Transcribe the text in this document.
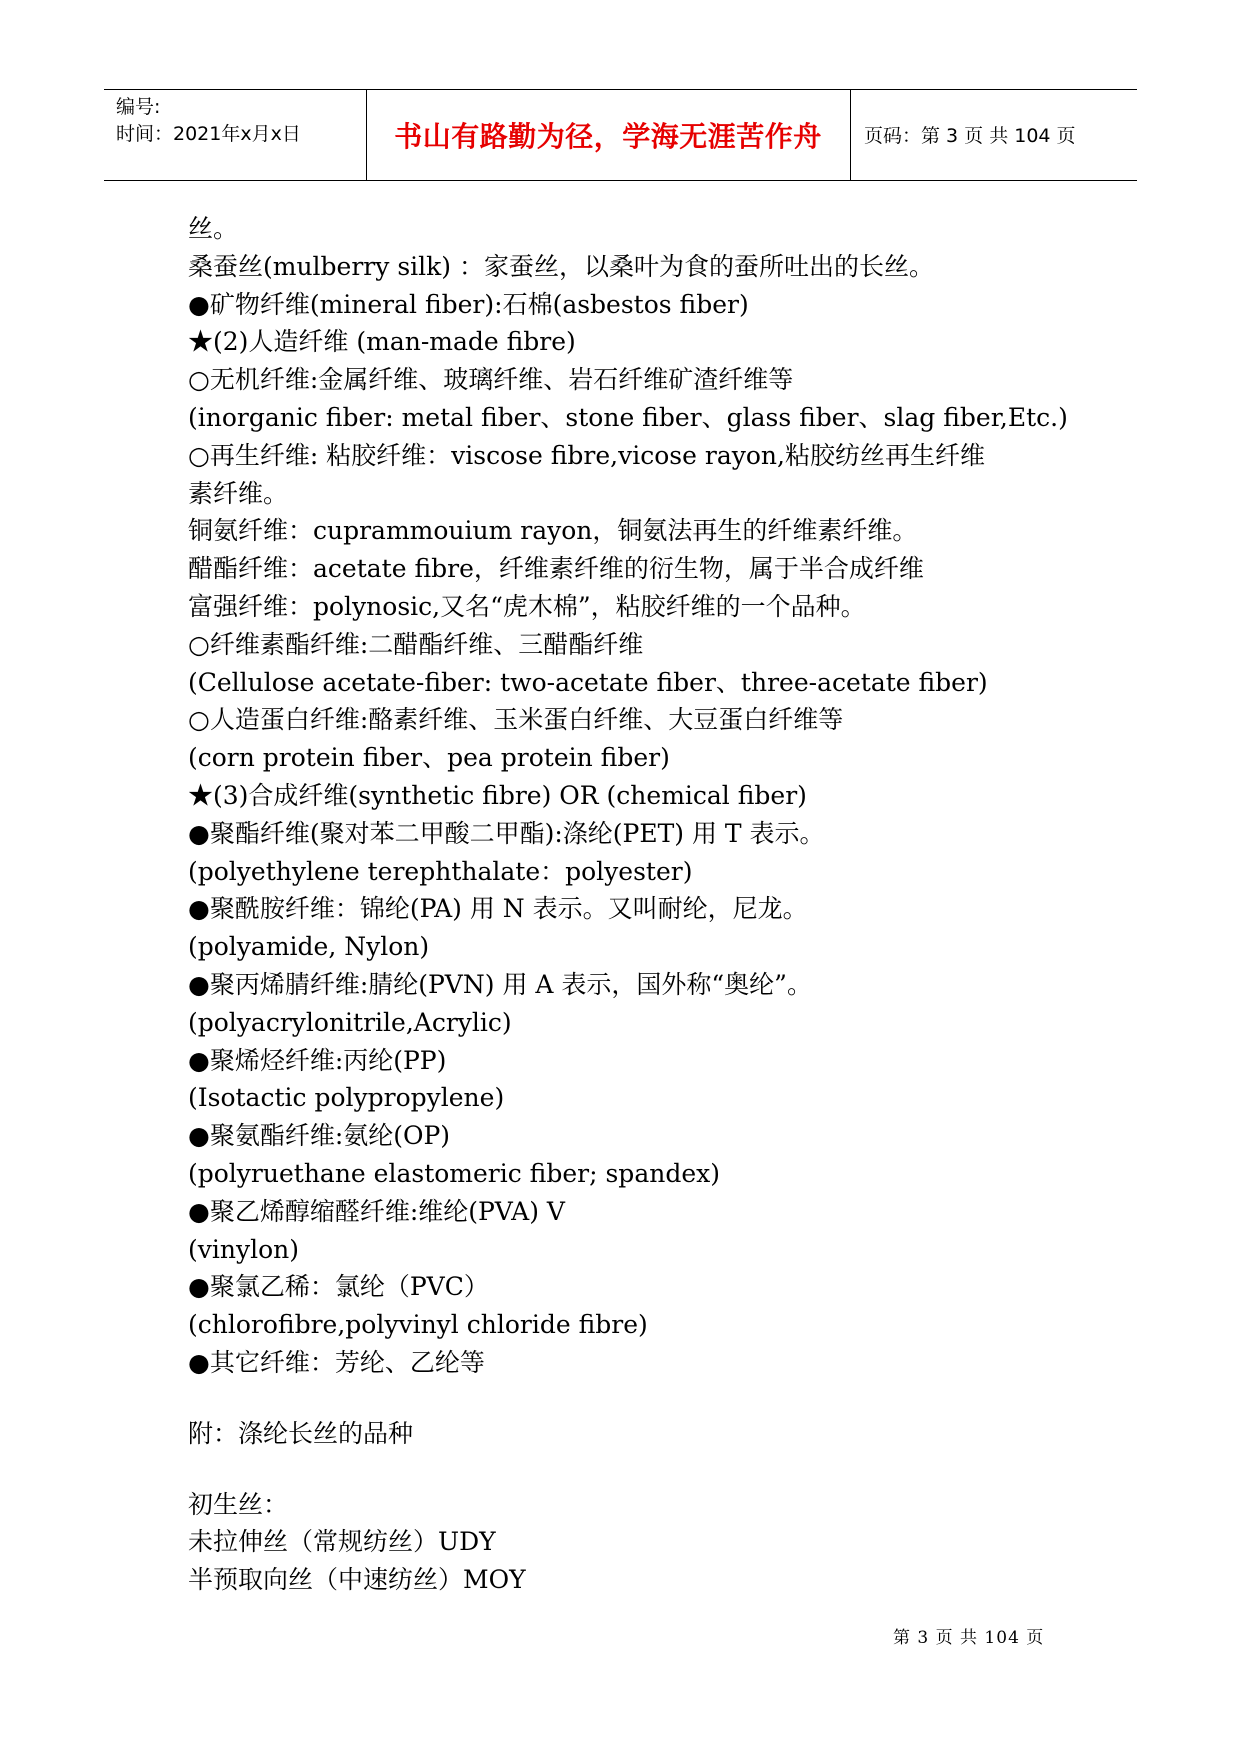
编号:
时间：2021年x月x日	书山有路勤为径，学海无涯苦作舟	页码：第 3 页 共 104 页
丝。
桑蚕丝(mulberry silk) ：家蚕丝，以桑叶为食的蚕所吐出的长丝。
●矿物纤维(mineral fiber):石棉(asbestos fiber)
★(2)人造纤维 (man-made fibre)
○无机纤维:金属纤维、玻璃纤维、岩石纤维矿渣纤维等
(inorganic fiber: metal fiber、stone fiber、glass fiber、slag fiber,Etc.)
○再生纤维: 粘胶纤维：viscose fibre,vicose rayon,粘胶纺丝再生纤维
素纤维。
铜氨纤维：cuprammouium rayon，铜氨法再生的纤维素纤维。
醋酯纤维：acetate fibre，纤维素纤维的衍生物，属于半合成纤维
富强纤维：polynosic,又名“虎木棉”，粘胶纤维的一个品种。
○纤维素酯纤维:二醋酯纤维、三醋酯纤维
(Cellulose acetate-fiber: two-acetate fiber、three-acetate fiber)
○人造蛋白纤维:酪素纤维、玉米蛋白纤维、大豆蛋白纤维等
(corn protein fiber、pea protein fiber)
★(3)合成纤维(synthetic fibre) OR (chemical fiber)
●聚酯纤维(聚对苯二甲酸二甲酯):涤纶(PET) 用 T 表示。
(polyethylene terephthalate：polyester)
●聚酰胺纤维：锦纶(PA) 用 N 表示。又叫耐纶，尼龙。
(polyamide, Nylon)
●聚丙烯腈纤维:腈纶(PVN) 用 A 表示，国外称“奥纶”。
(polyacrylonitrile,Acrylic)
●聚烯烃纤维:丙纶(PP)
(Isotactic polypropylene)
●聚氨酯纤维:氨纶(OP)
(polyruethane elastomeric fiber; spandex)
●聚乙烯醇缩醛纤维:维纶(PVA) V
(vinylon)
●聚氯乙稀：氯纶（PVC）
(chlorofibre,polyvinyl chloride fibre)
●其它纤维：芳纶、乙纶等
附：涤纶长丝的品种
初生丝：
未拉伸丝（常规纺丝）UDY
半预取向丝（中速纺丝）MOY
第 3 页 共 104 页
